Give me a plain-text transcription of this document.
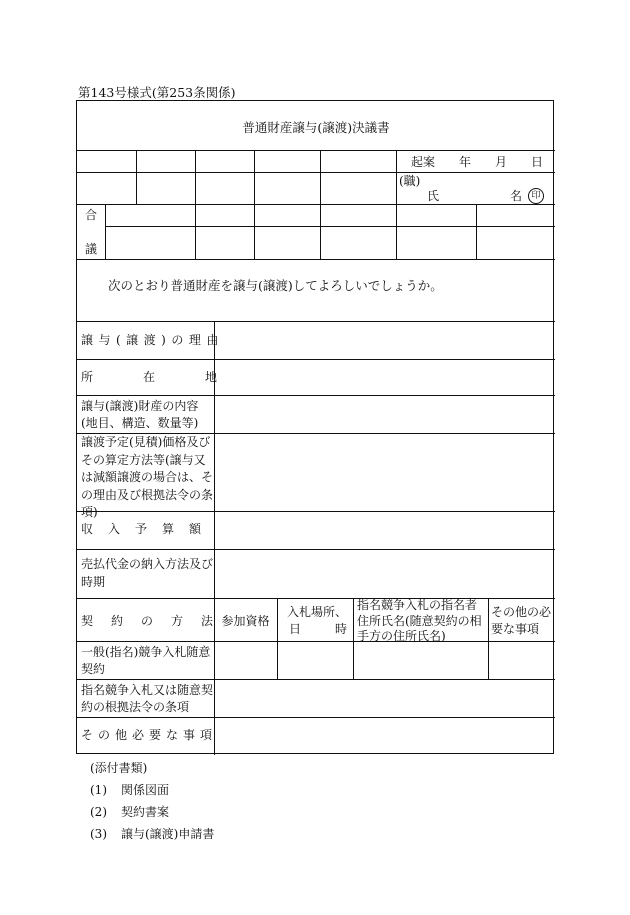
第143号様式(第253条関係)
普通財産譲与(譲渡)決議書
起案 年 月 日
(職)
氏	名	印
合
議
次のとおり普通財産を譲与(譲渡)してよろしいでしょうか。
譲与(譲渡)の理由
所在地
譲与(譲渡)財産の内容
(地目、構造、数量等)
譲渡予定(見積)価格及びその算定方法等(譲与又は減額譲渡の場合は、その理由及び根拠法令の条項)
収入予算額
売払代金の納入方法及び時期
契約の方法
参加資格
入札場所、
日時
指名競争入札の指名者住所氏名(随意契約の相手方の住所氏名)
その他の必要な事項
一般(指名)競争入札随意契約
指名競争入札又は随意契約の根拠法令の条項
その他必要な事項
(添付書類)
(1) 関係図面
(2) 契約書案
(3) 譲与(譲渡)申請書
